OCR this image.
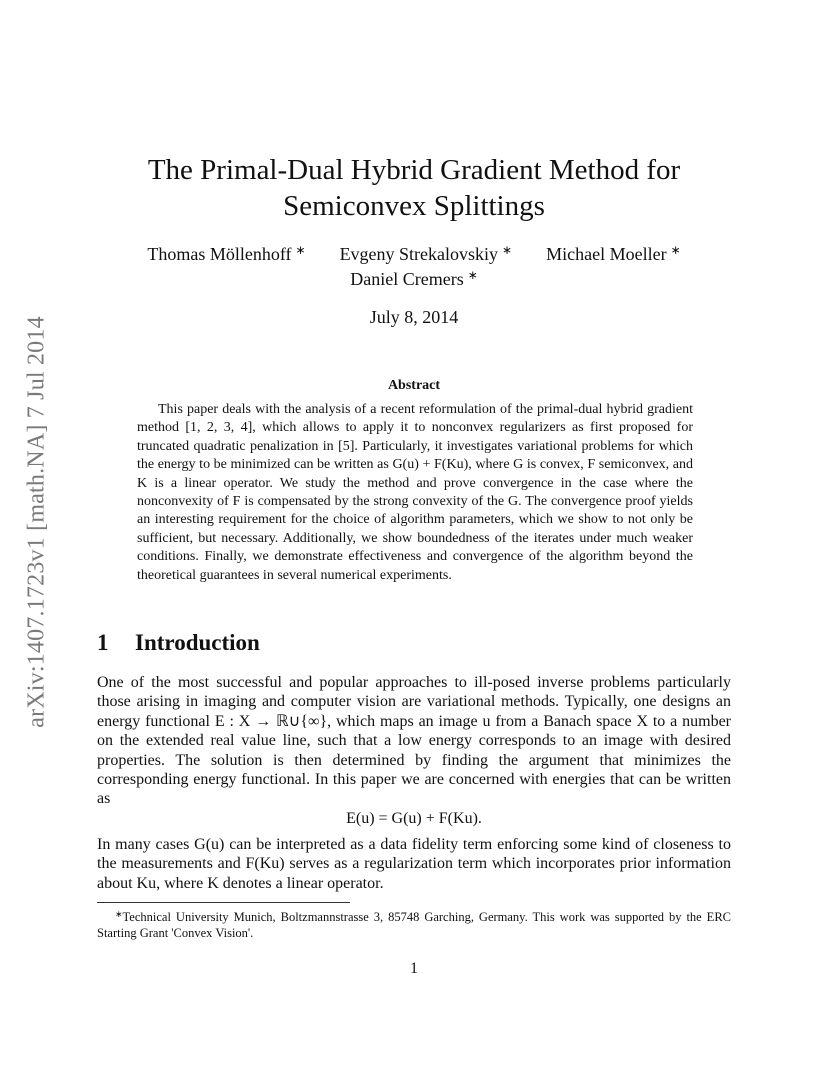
arXiv:1407.1723v1 [math.NA] 7 Jul 2014
The Primal-Dual Hybrid Gradient Method for
Semiconvex Splittings
Thomas Möllenhoff ∗ Evgeny Strekalovskiy ∗ Michael Moeller ∗
Daniel Cremers ∗
July 8, 2014
Abstract
This paper deals with the analysis of a recent reformulation of the primal-dual hybrid gradient method [1, 2, 3, 4], which allows to apply it to nonconvex regularizers as first proposed for truncated quadratic penalization in [5]. Particularly, it investigates variational problems for which the energy to be minimized can be written as G(u) + F(Ku), where G is convex, F semiconvex, and K is a linear operator. We study the method and prove convergence in the case where the nonconvexity of F is compensated by the strong convexity of the G. The convergence proof yields an interesting requirement for the choice of algorithm parameters, which we show to not only be sufficient, but necessary. Additionally, we show boundedness of the iterates under much weaker conditions. Finally, we demonstrate effectiveness and convergence of the algorithm beyond the theoretical guarantees in several numerical experiments.
1 Introduction
One of the most successful and popular approaches to ill-posed inverse problems particularly those arising in imaging and computer vision are variational methods. Typically, one designs an energy functional E : X → ℝ∪{∞}, which maps an image u from a Banach space X to a number on the extended real value line, such that a low energy corresponds to an image with desired properties. The solution is then determined by finding the argument that minimizes the corresponding energy functional. In this paper we are concerned with energies that can be written as
E(u) = G(u) + F(Ku).
In many cases G(u) can be interpreted as a data fidelity term enforcing some kind of closeness to the measurements and F(Ku) serves as a regularization term which incorporates prior information about Ku, where K denotes a linear operator.
∗Technical University Munich, Boltzmannstrasse 3, 85748 Garching, Germany. This work was supported by the ERC Starting Grant 'Convex Vision'.
1
